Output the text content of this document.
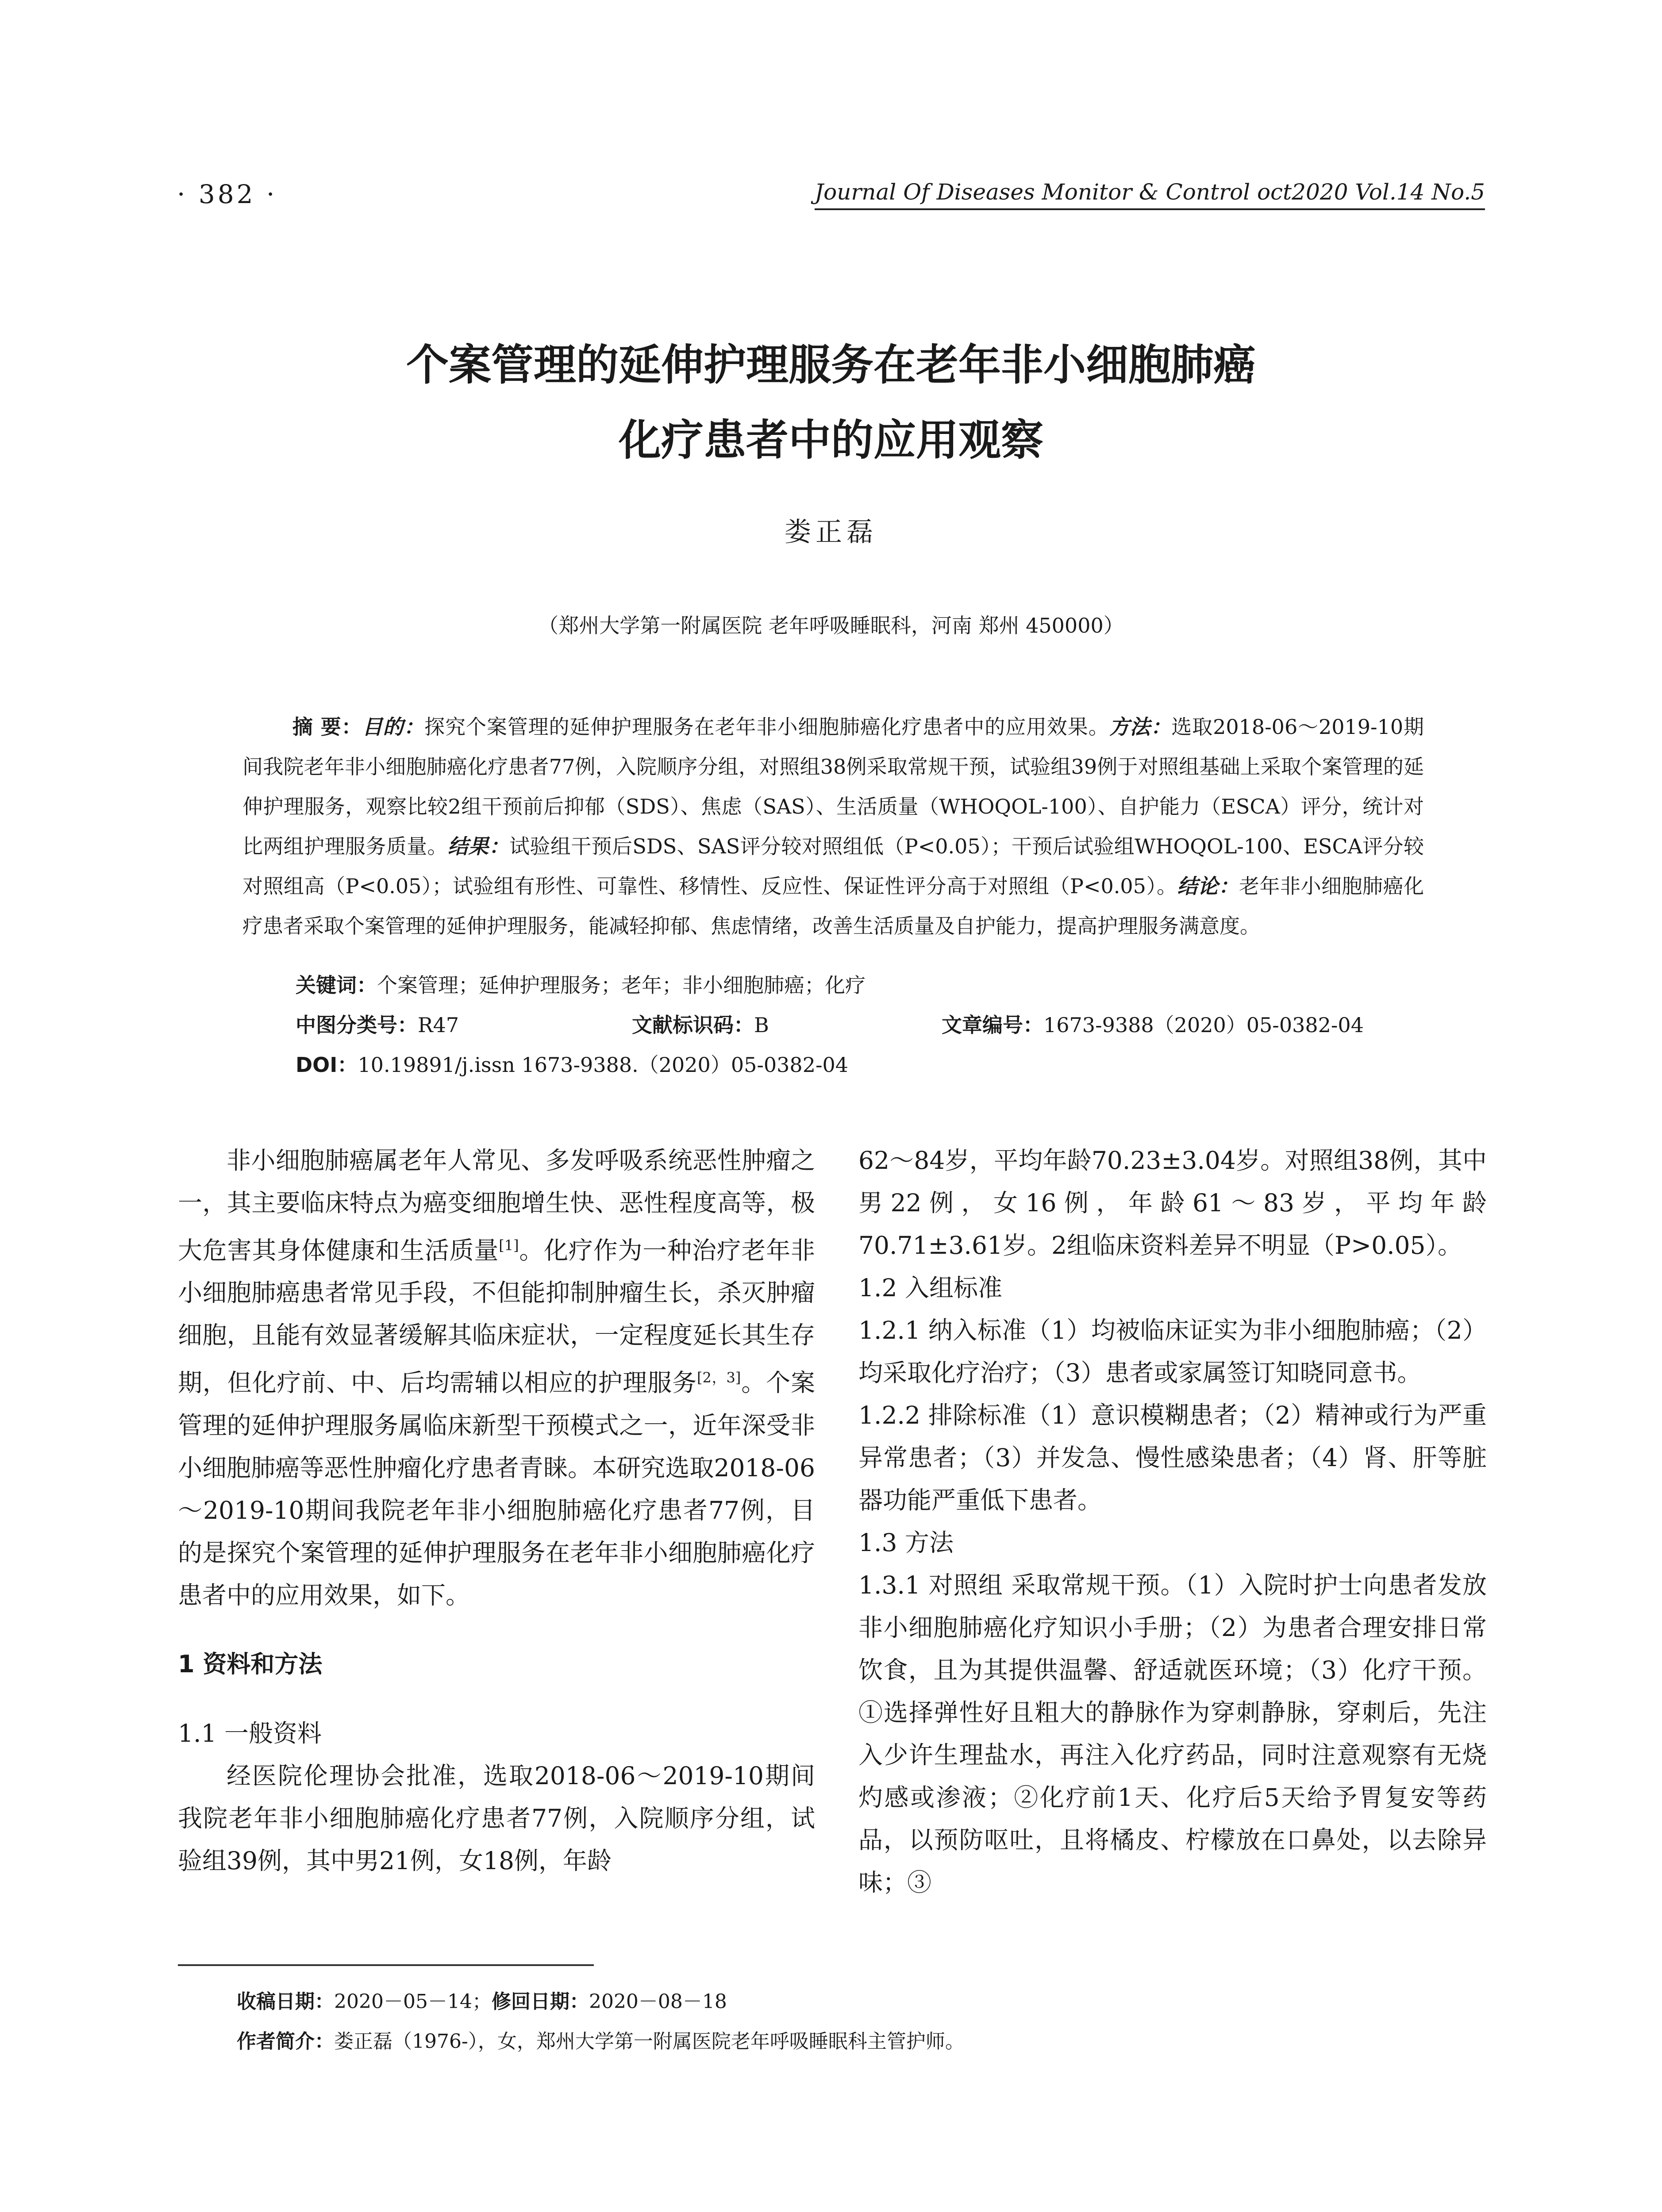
· 382 ·	Journal Of Diseases Monitor & Control oct2020 Vol.14 No.5
个案管理的延伸护理服务在老年非小细胞肺癌
化疗患者中的应用观察
娄正磊
（郑州大学第一附属医院 老年呼吸睡眠科，河南 郑州 450000）
摘 要：目的：探究个案管理的延伸护理服务在老年非小细胞肺癌化疗患者中的应用效果。方法：选取2018-06～2019-10期间我院老年非小细胞肺癌化疗患者77例，入院顺序分组，对照组38例采取常规干预，试验组39例于对照组基础上采取个案管理的延伸护理服务，观察比较2组干预前后抑郁（SDS）、焦虑（SAS）、生活质量（WHOQOL-100）、自护能力（ESCA）评分，统计对比两组护理服务质量。结果：试验组干预后SDS、SAS评分较对照组低（P<0.05）；干预后试验组WHOQOL-100、ESCA评分较对照组高（P<0.05）；试验组有形性、可靠性、移情性、反应性、保证性评分高于对照组（P<0.05）。结论：老年非小细胞肺癌化疗患者采取个案管理的延伸护理服务，能减轻抑郁、焦虑情绪，改善生活质量及自护能力，提高护理服务满意度。
关键词：个案管理；延伸护理服务；老年；非小细胞肺癌；化疗
中图分类号： R47	文献标识码： B	文章编号： 1673-9388（2020）05-0382-04
DOI：10.19891/j.issn 1673-9388.（2020）05-0382-04

非小细胞肺癌属老年人常见、多发呼吸系统恶性肿瘤之一，其主要临床特点为癌变细胞增生快、恶性程度高等，极大危害其身体健康和生活质量[1]。化疗作为一种治疗老年非小细胞肺癌患者常见手段，不但能抑制肿瘤生长，杀灭肿瘤细胞，且能有效显著缓解其临床症状，一定程度延长其生存期，但化疗前、中、后均需辅以相应的护理服务[2，3]。个案管理的延伸护理服务属临床新型干预模式之一，近年深受非小细胞肺癌等恶性肿瘤化疗患者青睐。本研究选取2018-06～2019-10期间我院老年非小细胞肺癌化疗患者77例，目的是探究个案管理的延伸护理服务在老年非小细胞肺癌化疗患者中的应用效果，如下。

1 资料和方法

1.1 一般资料

经医院伦理协会批准，选取2018-06～2019-10期间我院老年非小细胞肺癌化疗患者77例，入院顺序分组，试验组39例，其中男21例，女18例，年龄

62～84岁，平均年龄70.23±3.04岁。对照组38例，其中男22例，女16例，年龄61～83岁，平均年龄70.71±3.61岁。2组临床资料差异不明显（P>0.05）。

1.2 入组标准

1.2.1 纳入标准（1）均被临床证实为非小细胞肺癌；（2）均采取化疗治疗；（3）患者或家属签订知晓同意书。

1.2.2 排除标准（1）意识模糊患者；（2）精神或行为严重异常患者；（3）并发急、慢性感染患者；（4）肾、肝等脏器功能严重低下患者。

1.3 方法

1.3.1 对照组 采取常规干预。（1）入院时护士向患者发放非小细胞肺癌化疗知识小手册；（2）为患者合理安排日常饮食，且为其提供温馨、舒适就医环境；（3）化疗干预。①选择弹性好且粗大的静脉作为穿刺静脉，穿刺后，先注入少许生理盐水，再注入化疗药品，同时注意观察有无烧灼感或渗液；②化疗前1天、化疗后5天给予胃复安等药品，以预防呕吐，且将橘皮、柠檬放在口鼻处，以去除异味；③

收稿日期：2020－05－14；修回日期：2020－08－18
作者简介：娄正磊（1976-），女，郑州大学第一附属医院老年呼吸睡眠科主管护师。
